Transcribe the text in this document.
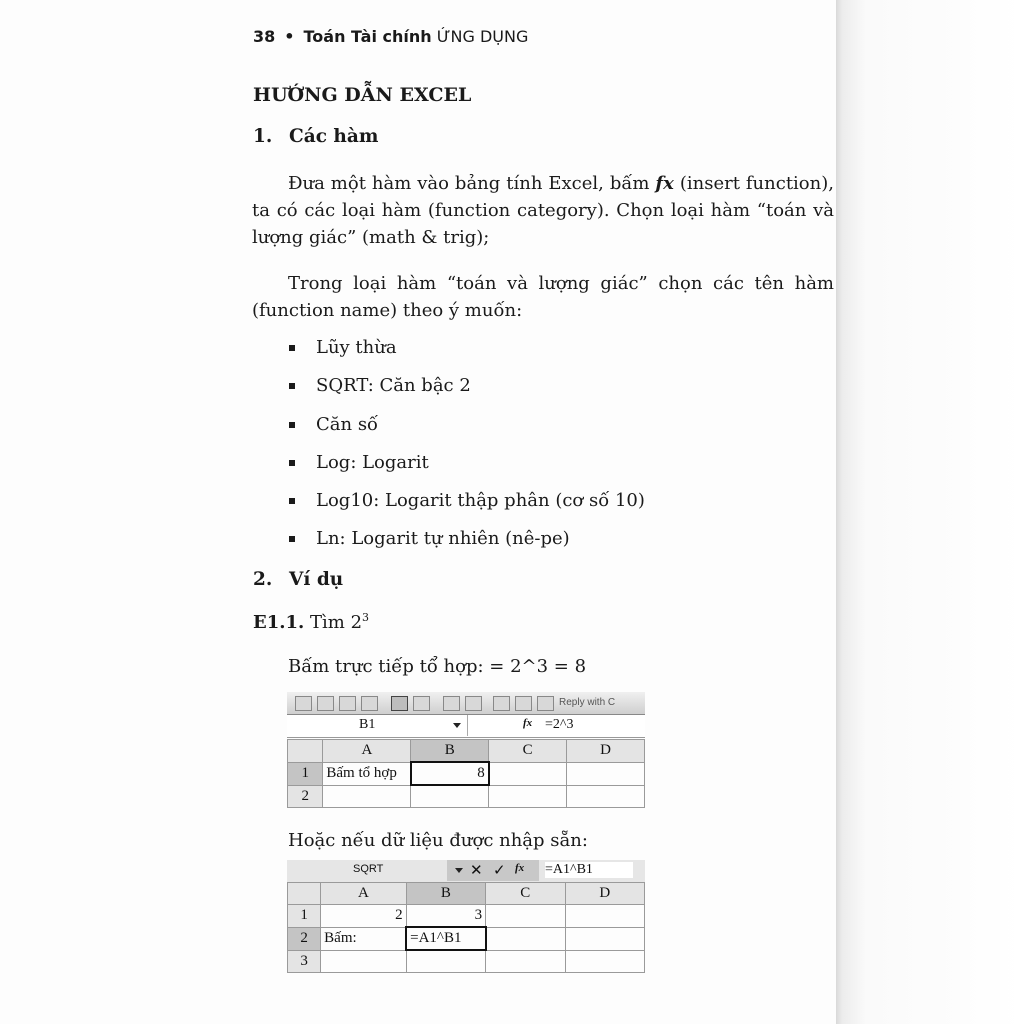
38 • Toán Tài chính ỨNG DỤNG
HƯỚNG DẪN EXCEL
1. Các hàm
Đưa một hàm vào bảng tính Excel, bấm fx (insert function), ta có các loại hàm (function category). Chọn loại hàm “toán và lượng giác” (math & trig);
Trong loại hàm “toán và lượng giác” chọn các tên hàm (function name) theo ý muốn:
Lũy thừa
SQRT: Căn bậc 2
Căn số
Log: Logarit
Log10: Logarit thập phân (cơ số 10)
Ln: Logarit tự nhiên (nê-pe)
2. Ví dụ
E1.1. Tìm $2^3$
Bấm trực tiếp tổ hợp: = 2^3 = 8
Reply with C
B1	fx =2^3
	A	B	C	D
1	Bấm tổ hợp	8		
2				
Hoặc nếu dữ liệu được nhập sẵn:
SQRT	✕ ✓ fx =A1^B1
	A	B	C	D
1	2	3		
2	Bấm:	=A1^B1		
3				
